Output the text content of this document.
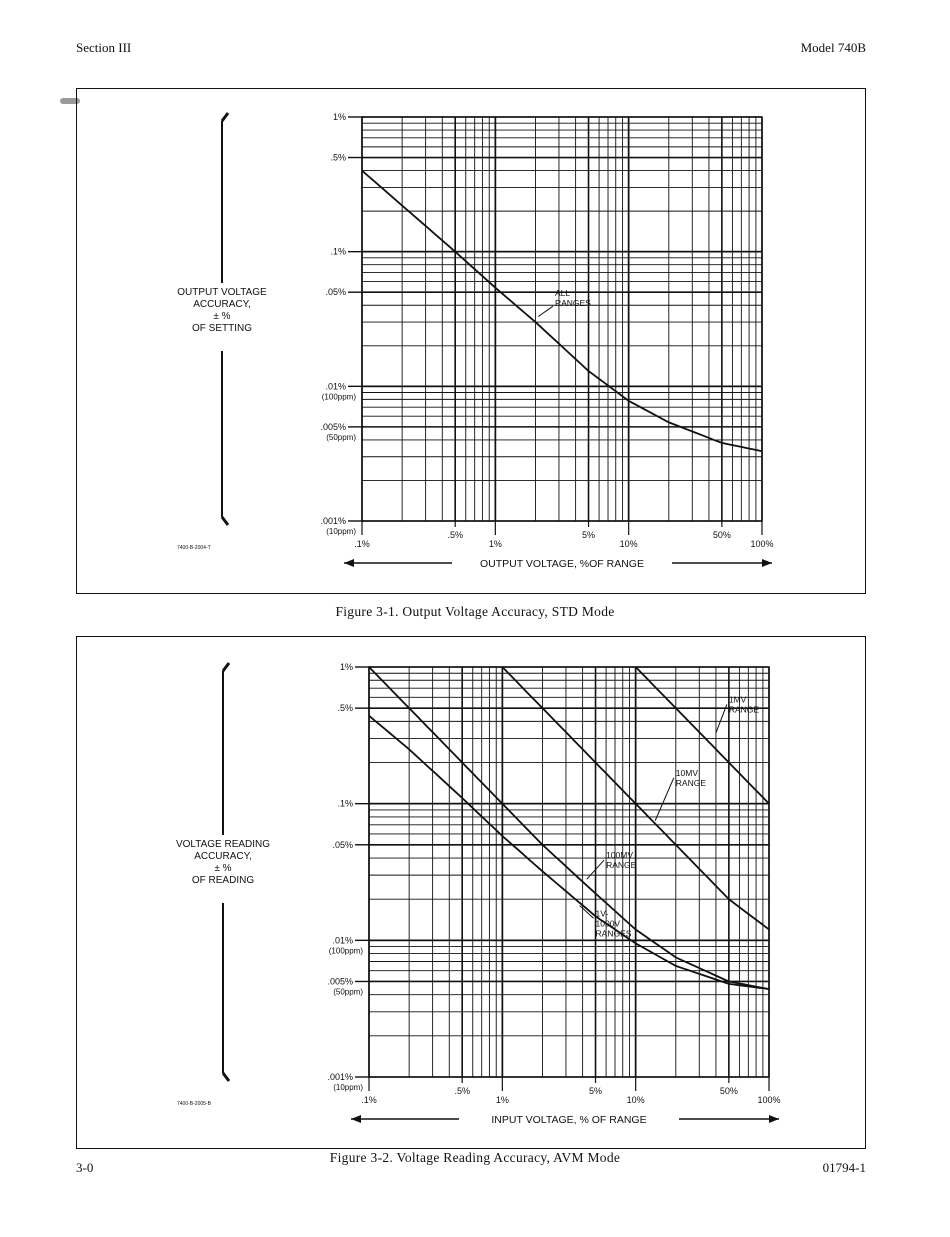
Section III	Model 740B
1%
.5%
.1%
.05%
.01%
(100ppm)
.005%
(50ppm)
.001%
(10ppm)
.1%
.5%
1%
5%
10%
50%
100%
OUTPUT VOLTAGE
ACCURACY,
± %
OF SETTING
OUTPUT VOLTAGE, %OF RANGE
7400-B-2004-T
ALL
RANGES
Figure 3-1. Output Voltage Accuracy, STD Mode
1%
.5%
.1%
.05%
.01%
(100ppm)
.005%
(50ppm)
.001%
(10ppm)
.1%
.5%
1%
5%
10%
50%
100%
VOLTAGE READING
ACCURACY,
± %
OF READING
INPUT VOLTAGE, % OF RANGE
7400-B-2005-B
1MV
RANGE
10MV
RANGE
100MV
RANGE
1V-
1000V
RANGES
Figure 3-2. Voltage Reading Accuracy, AVM Mode
3-0	01794-1
